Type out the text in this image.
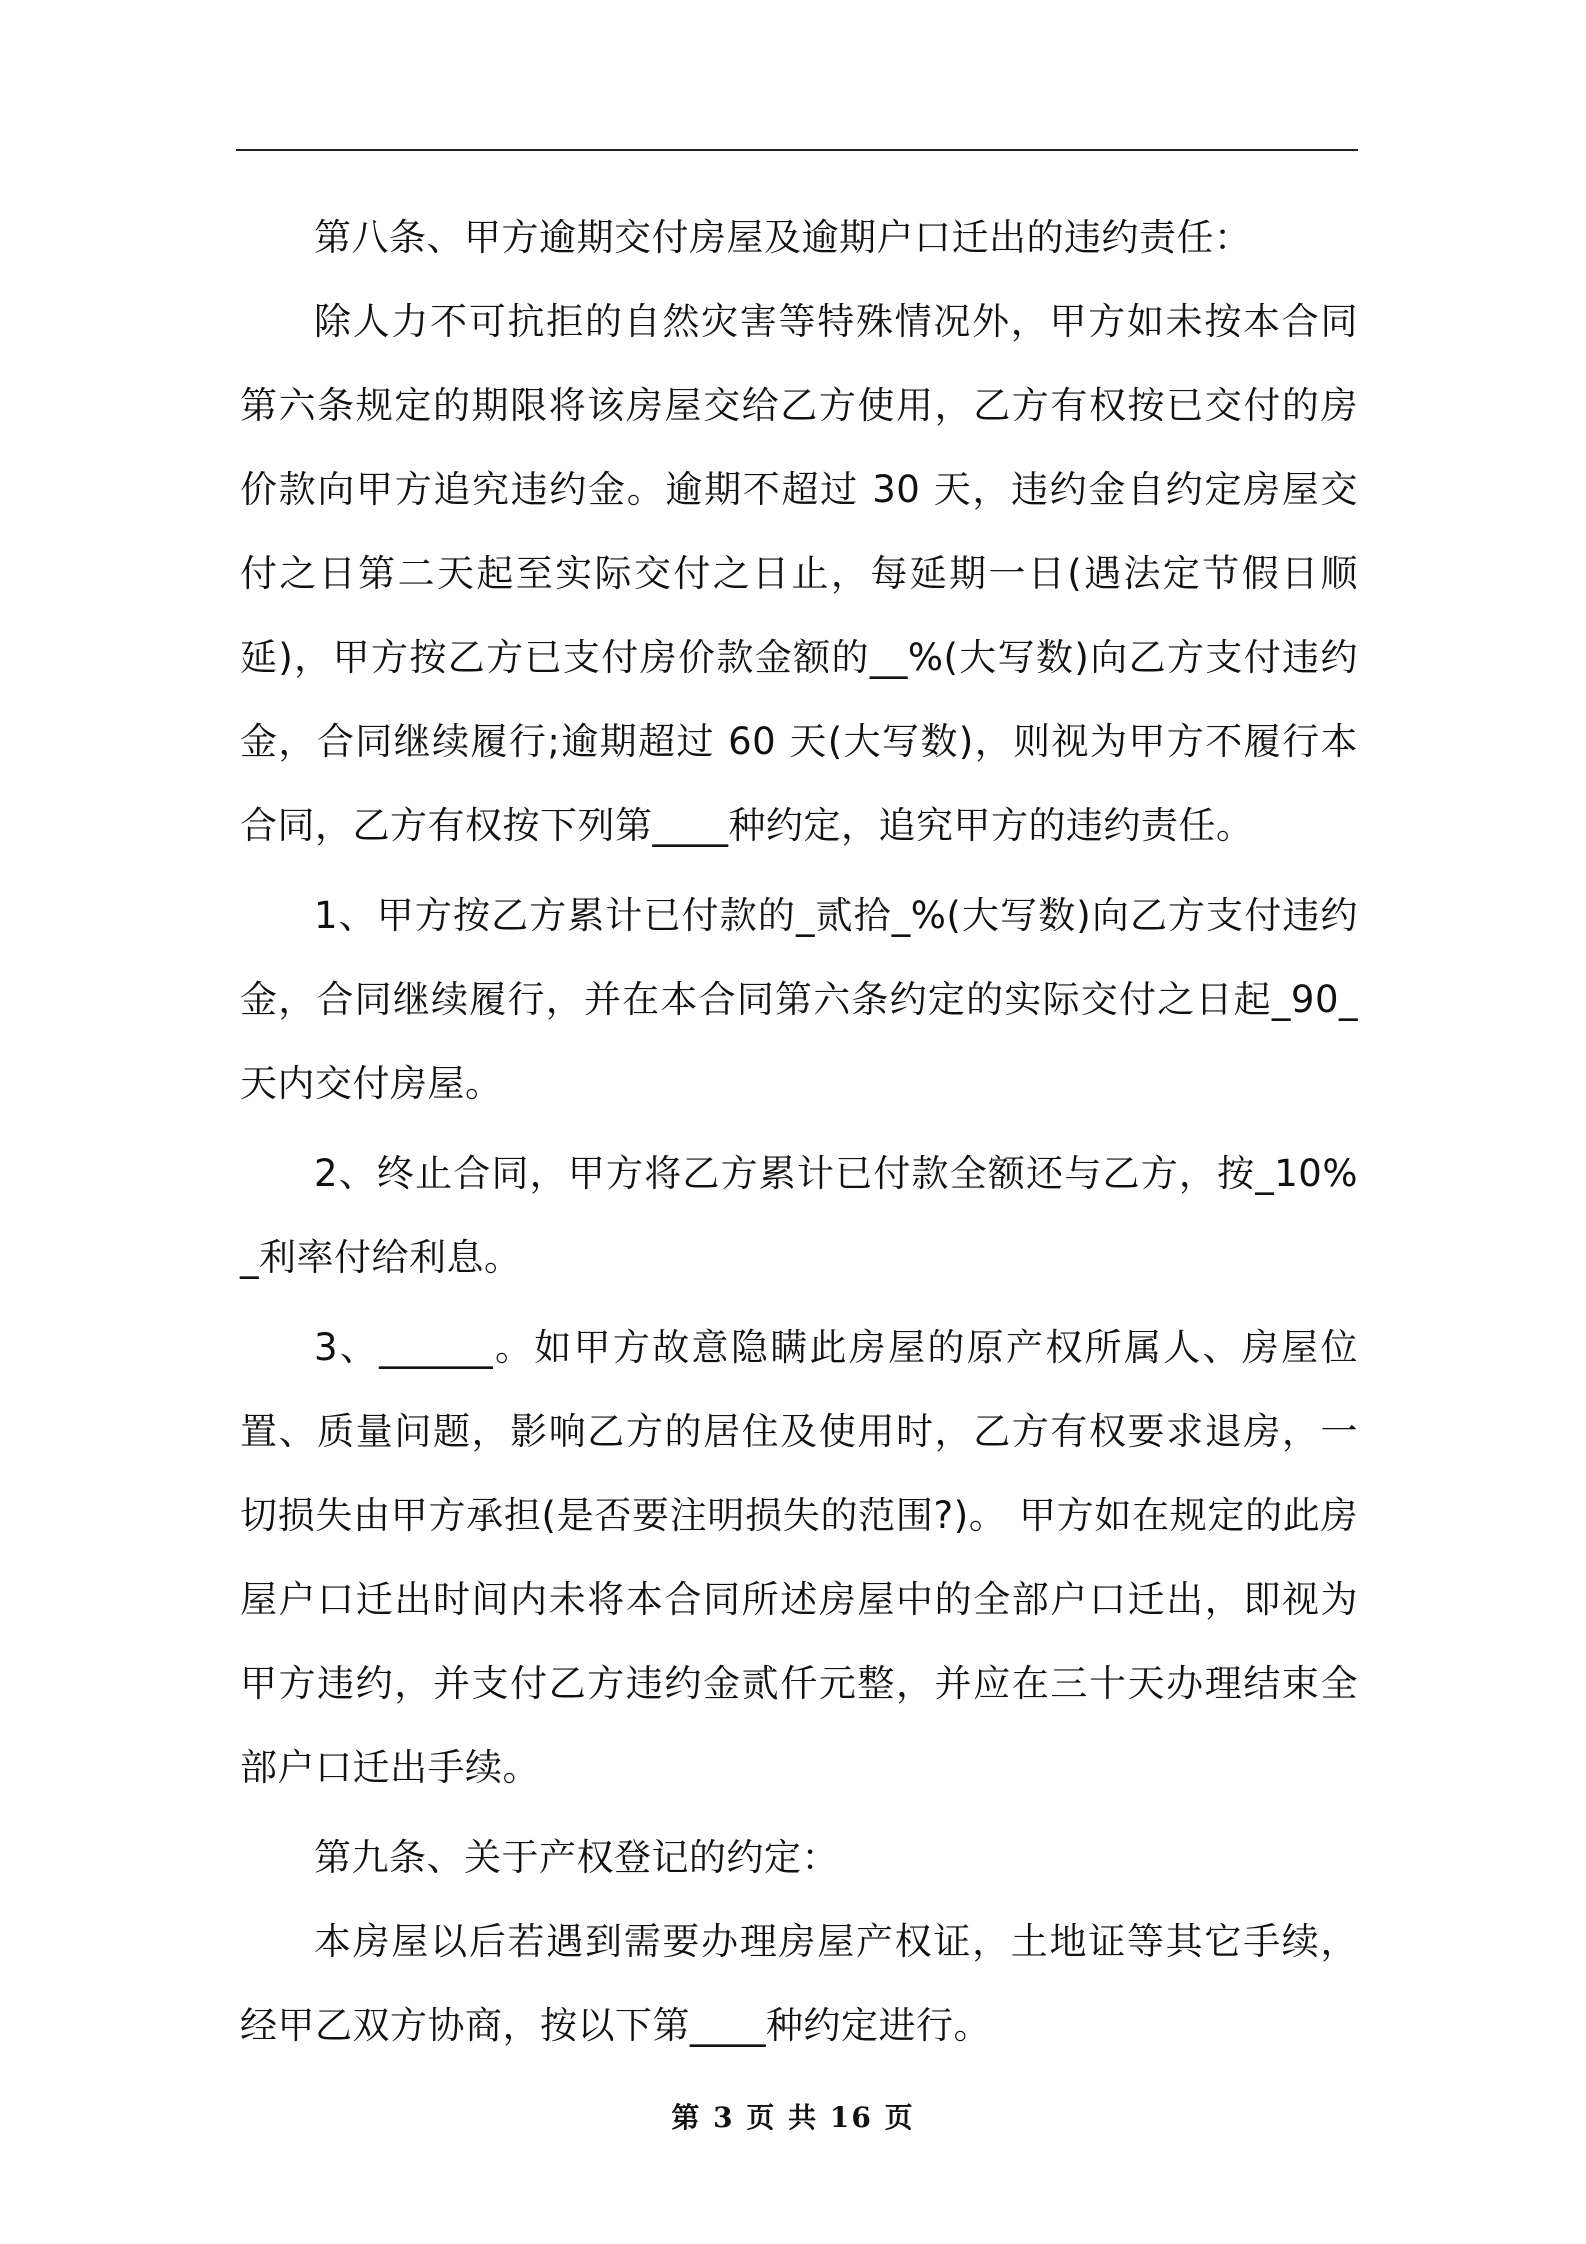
第八条、甲方逾期交付房屋及逾期户口迁出的违约责任：

除人力不可抗拒的自然灾害等特殊情况外，甲方如未按本合同第六条规定的期限将该房屋交给乙方使用，乙方有权按已交付的房价款向甲方追究违约金。逾期不超过 30 天，违约金自约定房屋交付之日第二天起至实际交付之日止，每延期一日(遇法定节假日顺延)，甲方按乙方已支付房价款金额的__%(大写数)向乙方支付违约金，合同继续履行;逾期超过 60 天(大写数)，则视为甲方不履行本合同，乙方有权按下列第____种约定，追究甲方的违约责任。

1、甲方按乙方累计已付款的_贰拾_%(大写数)向乙方支付违约金，合同继续履行，并在本合同第六条约定的实际交付之日起_90_天内交付房屋。

2、终止合同，甲方将乙方累计已付款全额还与乙方，按_10%_利率付给利息。

3、______。如甲方故意隐瞒此房屋的原产权所属人、房屋位置、质量问题，影响乙方的居住及使用时，乙方有权要求退房，一切损失由甲方承担(是否要注明损失的范围?)。 甲方如在规定的此房屋户口迁出时间内未将本合同所述房屋中的全部户口迁出，即视为甲方违约，并支付乙方违约金贰仟元整，并应在三十天办理结束全部户口迁出手续。

第九条、关于产权登记的约定：

本房屋以后若遇到需要办理房屋产权证，土地证等其它手续，经甲乙双方协商，按以下第____种约定进行。

第 3 页 共 16 页
